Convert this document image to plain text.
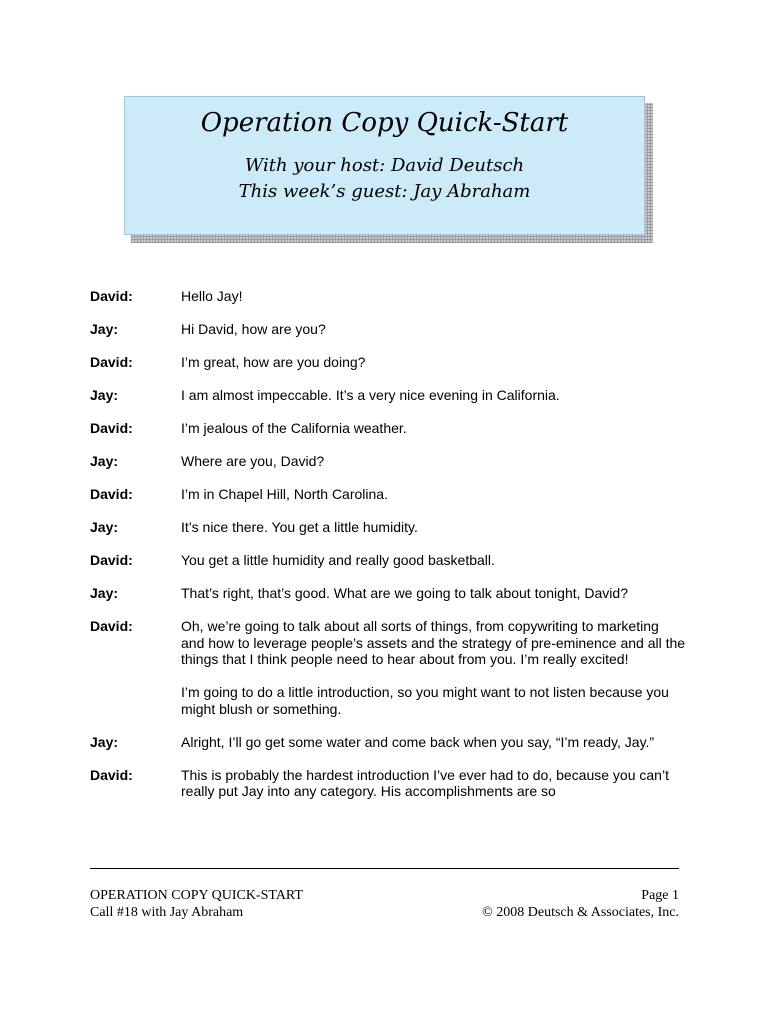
Operation Copy Quick-Start
With your host: David Deutsch
This week’s guest: Jay Abraham
David:	Hello Jay!
Jay:	Hi David, how are you?
David:	I’m great, how are you doing?
Jay:	I am almost impeccable. It’s a very nice evening in California.
David:	I’m jealous of the California weather.
Jay:	Where are you, David?
David:	I’m in Chapel Hill, North Carolina.
Jay:	It’s nice there. You get a little humidity.
David:	You get a little humidity and really good basketball.
Jay:	That’s right, that’s good. What are we going to talk about tonight, David?
David:	Oh, we’re going to talk about all sorts of things, from copywriting to marketing and how to leverage people’s assets and the strategy of pre-eminence and all the things that I think people need to hear about from you. I’m really excited!
I’m going to do a little introduction, so you might want to not listen because you might blush or something.
Jay:	Alright, I’ll go get some water and come back when you say, “I’m ready, Jay.”
David:	This is probably the hardest introduction I’ve ever had to do, because you can’t really put Jay into any category. His accomplishments are so
OPERATION COPY QUICK-START
Call #18 with Jay Abraham
Page 1
© 2008 Deutsch & Associates, Inc.
